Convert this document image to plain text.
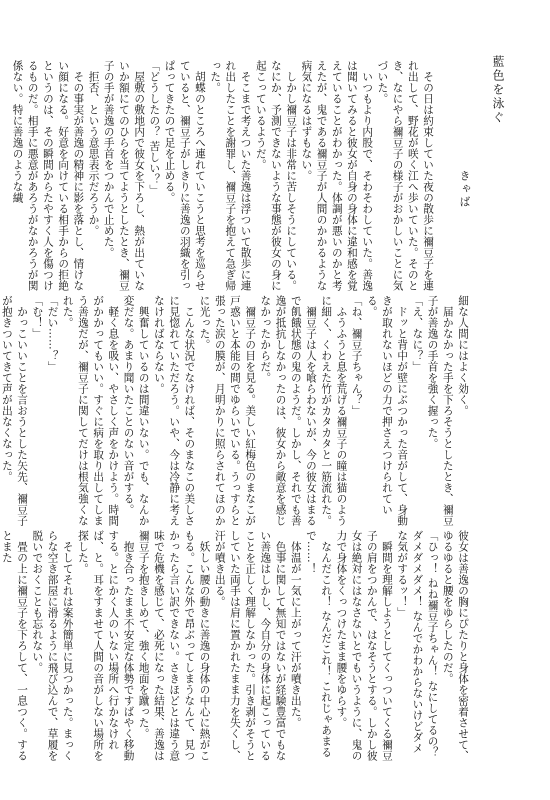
藍色を泳ぐ
きゃば

その日は約束していた夜の散歩に禰豆子を連れ出して、野花が咲く江へ歩いていた。そのとき、なにやら禰豆子の様子がおかしいことに気づいた。

いつもより内股で、そわそわしていた。善逸は聞いてみると彼女が自身の身体に違和感を覚えていることがわかった。体調が悪いのかと考えたが、鬼である禰豆子が人間のかかるような病気になるはずもない。

しかし禰豆子は非常に苦しそうにしている。なにか、予測できないような事態が彼女の身に起こっているようだ。

そこまで考えついた善逸は浮ついて散歩に連れ出したことを謝罪し、禰豆子を抱えて急ぎ帰った。

胡蝶のところへ連れていこうと思考を巡らせていると、禰豆子がしきりに善逸の羽織を引っぱってきたので足を止める。

「どうしたの？ 苦しい？」

屋敷の敷地内で彼女を下ろし、熱が出ていないか額にてのひらを当てようとしたとき、禰豆子の手が善逸の手首をつかんで止めた。

拒否、という意思表示だろうか。

その事実が善逸の精神に影を落とし、情けない顔になる。好意を向けている相手からの拒絶というのは、その瞬間からたやすく人を傷つけるものだ。相手に悪意があろうがなかろうが関係ない。特に善逸のような繊

細な人間にはよく効く。

届かなかった手を下ろそうとしたとき、禰豆子が善逸の手首を強く握った。

「え、なに？」

ドッと背中が壁にぶつかった音がして、身動きが取れないほどの力で押さえつけられている。

「ね、禰豆子ちゃん？」

ふうふうと息を荒げる禰豆子の瞳は猫のように細く、くわえた竹がカタカタと一筋流れた。

禰豆子は人を喰らわないが、今の彼女はまるで飢餓状態の鬼のようだ。しかし、それでも善逸が抵抗しなかったのは、彼女から敵意を感じなかったからだ。

禰豆子の目を見る。美しい紅梅色のまなこが戸惑いと本能の間でゆらいでいる。うっすらと張った涙の膜が、月明かりに照らされてほのかに光った。

こんな状況でなければ、そのまなこの美しさに見惚れていただろう。いや、今は冷静に考えなければならない。

興奮しているのは間違いない。でも、なんか変だな。あまり聞いたことのない音がする。

軽く息を吸い、やさしく声をかけよう。時間がかかってもいい。すぐに病を取り出してしまう善逸だが、禰豆子に関してだけは根気強くなれた。

「だい……？」

「む！」

かっこいいことを言おうとした矢先、禰豆子が抱きついてきて声が出なくなった。

彼女は善逸の胸にぴたりと身体を密着させて、ゆるゆると腰をゆらしたのだ。

「ひっ！ ねね禰豆子ちゃん！ なにしてるの？ ダメダメダメ！ なんでかわからないけどダメな気がするッ！」

瞬間を理解しようとしてくっついてくる禰豆子の肩をつかんで、はなそうとする。しかし彼女は絶対にはなさないとでもいうように、鬼の力で身体をくっつけたまま腰をゆらす。

なんだこれ！ なんだこれ！ これじゃあまるで……！

体温が一気に上がって汗が噴き出た。

色事に関して無知ではないが経験豊富でもない善逸はしかし、今自分の身体に起こっていることを正しく理解しなかった。引き剥がそうとしていた両手は肩に置かれたまま力を失くし、汗が噴き出る。

妖しい腰の動きに善逸の身体の中心に熱がこもる。こんな外で昂ぶってしまうなんて、見つかったら言い訳できない。さきほどとは違う意味で危機を感じて、必死になった結果、善逸は禰豆子を抱きしめて、強く地面を蹴った。

抱き合ったまま不安定な体勢ですばやく移動する。とにかく人のいない場所へ行かなければ、と。耳をすませて人間の音がしない場所を探した。

そしてそれは案外簡単に見つかった。まっくらな空き部屋に滑るように飛び込んで、草履を脱いでおくことも忘れない。

畳の上に禰豆子を下ろして、一息つく。するとまた
